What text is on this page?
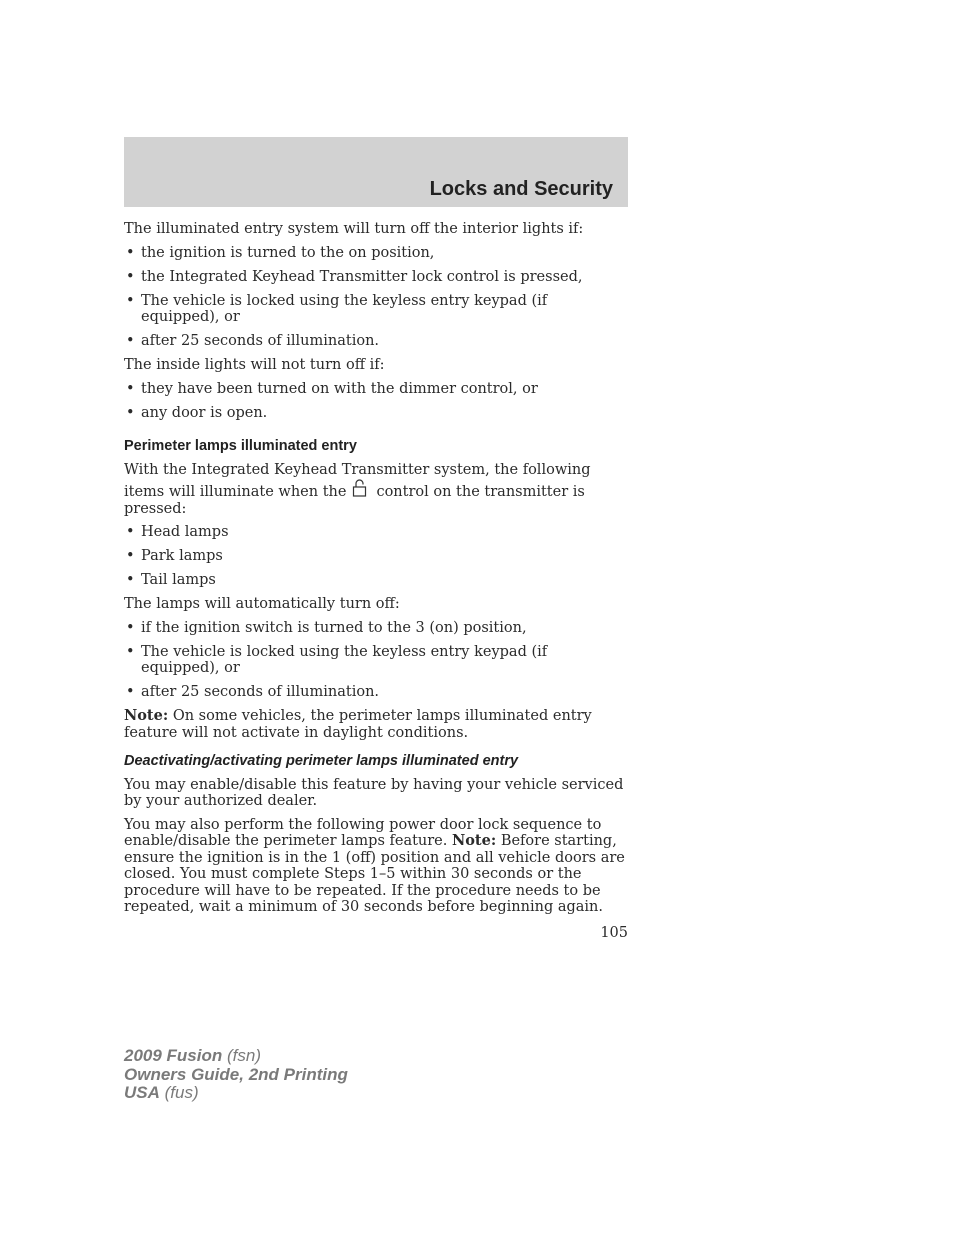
Locks and Security

The illuminated entry system will turn off the interior lights if:

• the ignition is turned to the on position,
• the Integrated Keyhead Transmitter lock control is pressed,
• The vehicle is locked using the keyless entry keypad (if equipped), or
• after 25 seconds of illumination.

The inside lights will not turn off if:

• they have been turned on with the dimmer control, or
• any door is open.
Perimeter lamps illuminated entry

With the Integrated Keyhead Transmitter system, the following items will illuminate when the control on the transmitter is pressed:

• Head lamps
• Park lamps
• Tail lamps

The lamps will automatically turn off:

• if the ignition switch is turned to the 3 (on) position,
• The vehicle is locked using the keyless entry keypad (if equipped), or
• after 25 seconds of illumination.

Note: On some vehicles, the perimeter lamps illuminated entry feature will not activate in daylight conditions.

Deactivating/activating perimeter lamps illuminated entry

You may enable/disable this feature by having your vehicle serviced by your authorized dealer.

You may also perform the following power door lock sequence to enable/disable the perimeter lamps feature. Note: Before starting, ensure the ignition is in the 1 (off) position and all vehicle doors are closed. You must complete Steps 1–5 within 30 seconds or the procedure will have to be repeated. If the procedure needs to be repeated, wait a minimum of 30 seconds before beginning again.

105
2009 Fusion (fsn)
Owners Guide, 2nd Printing
USA (fus)
